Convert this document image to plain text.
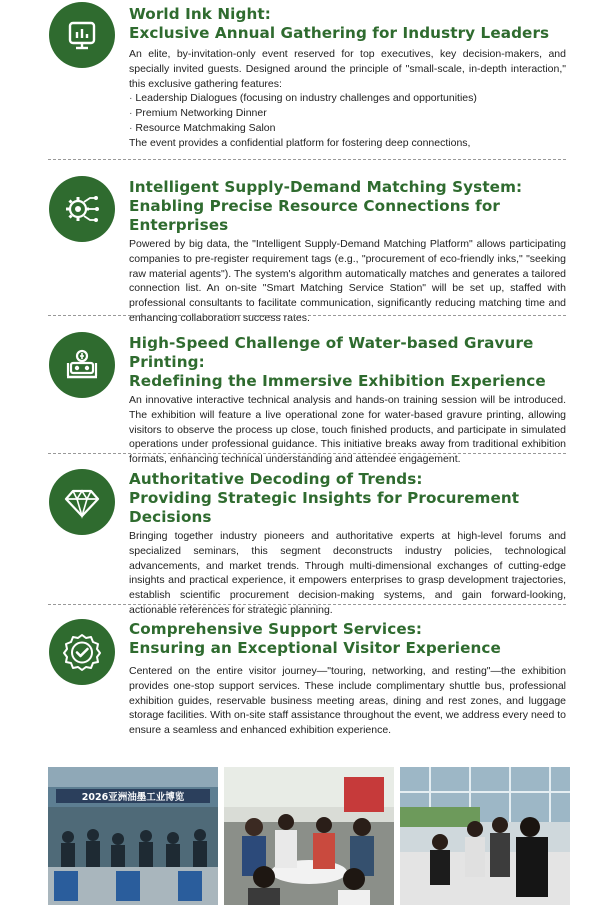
World Ink Night:

Exclusive Annual Gathering for Industry Leaders

An elite, by-invitation-only event reserved for top executives, key decision-makers, and specially invited guests. Designed around the principle of "small-scale, in-depth interaction," this exclusive gathering features:

· Leadership Dialogues (focusing on industry challenges and opportunities)
· Premium Networking Dinner
· Resource Matchmaking Salon

The event provides a confidential platform for fostering deep connections,

Intelligent Supply-Demand Matching System:

Enabling Precise Resource Connections for Enterprises

Powered by big data, the "Intelligent Supply-Demand Matching Platform" allows participating companies to pre-register requirement tags (e.g., "procurement of eco-friendly inks," "seeking raw material agents"). The system's algorithm automatically matches and generates a tailored connection list. An on-site "Smart Matching Service Station" will be set up, staffed with professional consultants to facilitate communication, significantly reducing matching time and enhancing collaboration success rates.

High-Speed Challenge of Water-based Gravure Printing:

Redefining the Immersive Exhibition Experience

An innovative interactive technical analysis and hands-on training session will be introduced. The exhibition will feature a live operational zone for water-based gravure printing, allowing visitors to observe the process up close, touch finished products, and participate in simulated operations under professional guidance. This initiative breaks away from traditional exhibition formats, enhancing technical understanding and attendee engagement.

Authoritative Decoding of Trends:

Providing Strategic Insights for Procurement Decisions

Bringing together industry pioneers and authoritative experts at high-level forums and specialized seminars, this segment deconstructs industry policies, technological advancements, and market trends. Through multi-dimensional exchanges of cutting-edge insights and practical experience, it empowers enterprises to grasp development trajectories, establish scientific procurement decision-making systems, and gain forward-looking, actionable references for strategic planning.

Comprehensive Support Services:

Ensuring an Exceptional Visitor Experience

Centered on the entire visitor journey—"touring, networking, and resting"—the exhibition provides one-stop support services. These include complimentary shuttle bus, professional exhibition guides, reservable business meeting areas, dining and rest zones, and luggage storage facilities. With on-site staff assistance throughout the event, we address every need to ensure a seamless and enhanced exhibition experience.

2026亚洲油墨工业博览
